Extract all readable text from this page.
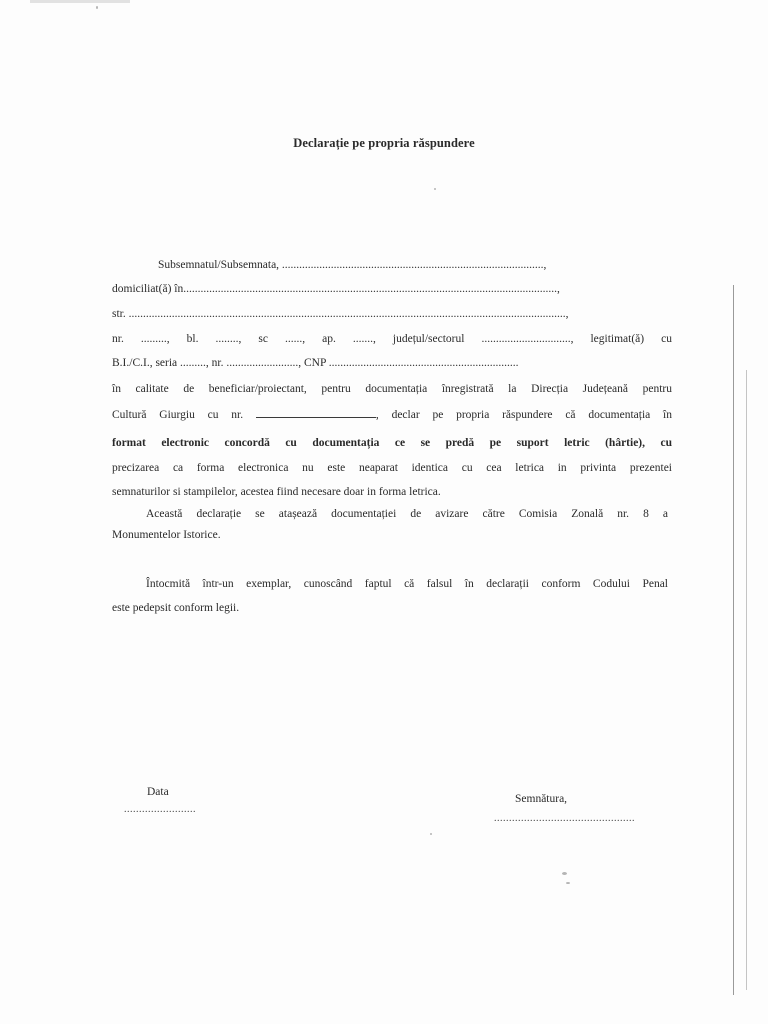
Declarație pe propria răspundere
Subsemnatul/Subsemnata, ...........................................................................................,
domiciliat(ă) în..................................................................................................................................,
str. ........................................................................................................................................................,
nr. ........., bl. ........, sc ......, ap. ......., județul/sectorul ..............................., legitimat(ă) cu
B.I./C.I., seria ........., nr. ........................., CNP ..................................................................
în calitate de beneficiar/proiectant, pentru documentația înregistrată la Direcția Județeană pentru
Cultură Giurgiu cu nr.	, declar pe propria răspundere că documentația în
format electronic concordă cu documentația ce se predă pe suport letric (hârtie), cu
precizarea ca forma electronica nu este neaparat identica cu cea letrica in privinta prezentei
semnaturilor si stampilelor, acestea fiind necesare doar in forma letrica.
Această declarație se atașează documentației de avizare către Comisia Zonală nr. 8 a
Monumentelor Istorice.
Întocmită într-un exemplar, cunoscând faptul că falsul în declarații conform Codului Penal
este pedepsit conform legii.
Data
........................
Semnătura,
...............................................
